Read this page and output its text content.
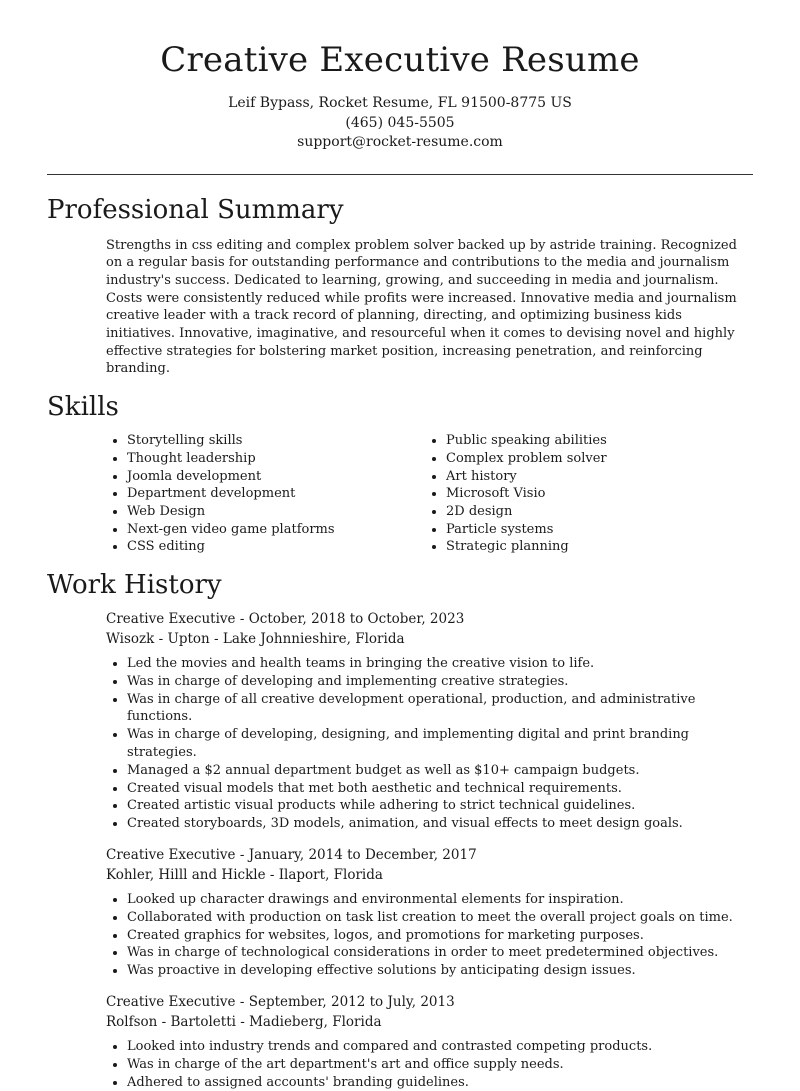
Creative Executive Resume
Leif Bypass, Rocket Resume, FL 91500-8775 US
(465) 045-5505
support@rocket-resume.com
Professional Summary

Strengths in css editing and complex problem solver backed up by astride training. Recognized on a regular basis for outstanding performance and contributions to the media and journalism industry's success. Dedicated to learning, growing, and succeeding in media and journalism. Costs were consistently reduced while profits were increased. Innovative media and journalism creative leader with a track record of planning, directing, and optimizing business kids initiatives. Innovative, imaginative, and resourceful when it comes to devising novel and highly effective strategies for bolstering market position, increasing penetration, and reinforcing branding.

Skills
• Storytelling skills
• Thought leadership
• Joomla development
• Department development
• Web Design
• Next-gen video game platforms
• CSS editing
• Public speaking abilities
• Complex problem solver
• Art history
• Microsoft Visio
• 2D design
• Particle systems
• Strategic planning
Work History
Creative Executive - October, 2018 to October, 2023
Wisozk - Upton - Lake Johnnieshire, Florida
• Led the movies and health teams in bringing the creative vision to life.
• Was in charge of developing and implementing creative strategies.
• Was in charge of all creative development operational, production, and administrative functions.
• Was in charge of developing, designing, and implementing digital and print branding strategies.
• Managed a $2 annual department budget as well as $10+ campaign budgets.
• Created visual models that met both aesthetic and technical requirements.
• Created artistic visual products while adhering to strict technical guidelines.
• Created storyboards, 3D models, animation, and visual effects to meet design goals.
Creative Executive - January, 2014 to December, 2017
Kohler, Hilll and Hickle - Ilaport, Florida
• Looked up character drawings and environmental elements for inspiration.
• Collaborated with production on task list creation to meet the overall project goals on time.
• Created graphics for websites, logos, and promotions for marketing purposes.
• Was in charge of technological considerations in order to meet predetermined objectives.
• Was proactive in developing effective solutions by anticipating design issues.
Creative Executive - September, 2012 to July, 2013
Rolfson - Bartoletti - Madieberg, Florida
• Looked into industry trends and compared and contrasted competing products.
• Was in charge of the art department's art and office supply needs.
• Adhered to assigned accounts' branding guidelines.
